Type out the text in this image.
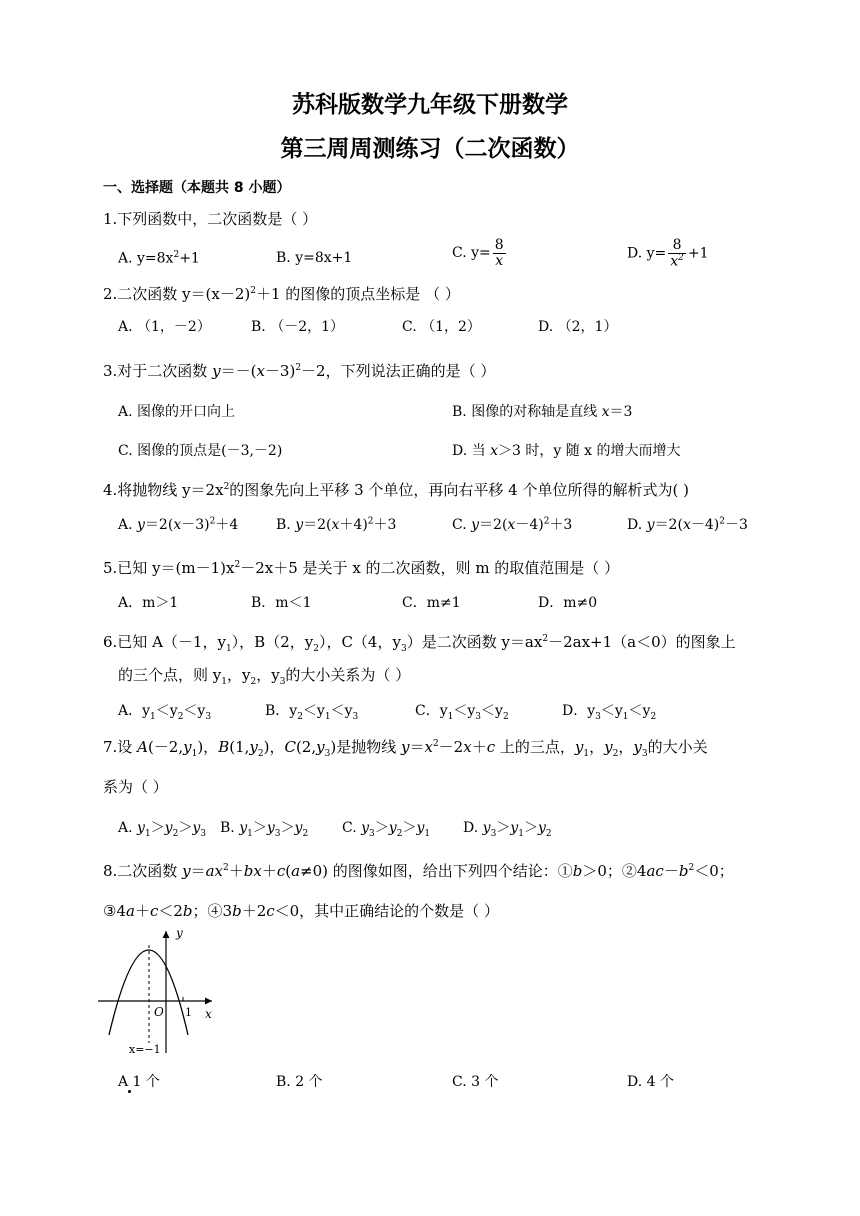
苏科版数学九年级下册数学
第三周周测练习（二次函数）
一、选择题（本题共 8 小题）
1.下列函数中，二次函数是（ ）
A. $y=8x^2+1$	B. y=8x+1	C. $y= \frac{8}{x}$	D. $y= \frac{8}{x^2} +1$
2.二次函数 $y=(x-2)^2+1$ 的图像的顶点坐标是 （ ）
A. （1，－2）	B. （－2，1）	C. （1，2）	D. （2，1）
3.对于二次函数 $y=-(x-3)^2-2$，下列说法正确的是（ ）
A. 图像的开口向上	B. 图像的对称轴是直线 x＝3
C. 图像的顶点是(－3,－2)	D. 当 x＞3 时，y 随 x 的增大而增大
4.将抛物线 $y=2x^2$的图象先向上平移 3 个单位，再向右平移 4 个单位所得的解析式为( )
A. $y=2(x-3)^2+4$	B. $y=2(x+4)^2+3$	C. $y=2(x-4)^2+3$	D. $y=2(x-4)^2-3$
5.已知 $y=(m-1)x^2-2x+5$ 是关于 x 的二次函数，则 m 的取值范围是（ ）
A．m＞1	B．m＜1	C．m≠1	D．m≠0
6.已知 A（－1，$y_1$），B（2，$y_2$），C（4，$y_3$）是二次函数 $y=ax^2-2ax+1(a<0)$的图象上
的三个点，则 $y_1$，$y_2$，$y_3$的大小关系为（ ）
A．$y_1<y_2<y_3$	B．$y_2<y_1<y_3$	C．$y_1<y_3<y_2$	D．$y_3<y_1<y_2$
7.设 $A(-2,y_1)$，$B(1,y_2)$，$C(2,y_3)$是抛物线 $y=x^2-2x+c$ 上的三点，$y_1$，$y_2$，$y_3$的大小关
系为（ ）
A. $y_1>y_2>y_3$ B. $y_1>y_3>y_2$ C. $y_3>y_2>y_1$ D. $y_3>y_1>y_2$
8.二次函数 $y=ax^2+bx+c(a\ne 0)$ 的图像如图，给出下列四个结论：①b＞0；$②4ac-b^2<0$；
③4a＋c＜2b；④3b＋2c＜0，其中正确结论的个数是（ ）
y
x
O 1
x=−1
A 1 个	B. 2 个	C. 3 个	D. 4 个
